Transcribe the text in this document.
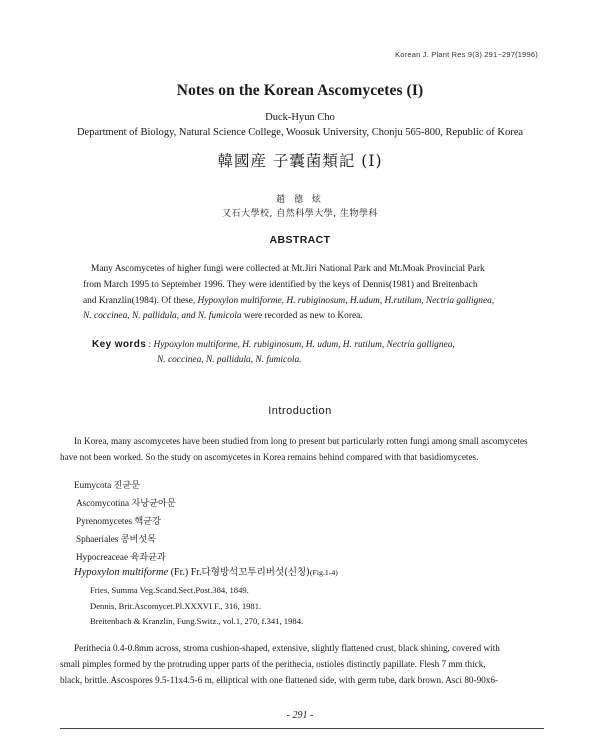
Korean J. Plant Res 9(3) 291~297(1996)
Notes on the Korean Ascomycetes (I)
Duck-Hyun Cho
Department of Biology, Natural Science College, Woosuk University, Chonju 565-800, Republic of Korea
韓國産 子囊菌類記 (I)
趙 德 炫
又石大學校, 自然科學大學, 生物學科
ABSTRACT
Many Ascomycetes of higher fungi were collected at Mt.Jiri National Park and Mt.Moak Provincial Park
from March 1995 to September 1996. They were identified by the keys of Dennis(1981) and Breitenbach
and Kranzlin(1984). Of these, Hypoxylon multiforme, H. rubiginosum, H.udum, H.rutilum, Nectria gallignea,
N. coccinea, N. pallidula, and N. fumicola were recorded as new to Korea.
Key words : Hypoxylon multiforme, H. rubiginosum, H. udum, H. rutilum, Nectria gallignea,
N. coccinea, N. pallidula, N. fumicola.
Introduction
In Korea, many ascomycetes have been studied from long to present but particularly rotten fungi among small ascomycetes
have not been worked. So the study on ascomycetes in Korea remains behind compared with that basidiomycetes.
Eumycota 진균문
Ascomycotina 자낭균아문
Pyrenomycetes 핵균강
Sphaeriales 콩버섯목
Hypocreaceae 육좌균과
Hypoxylon multiforme (Fr.) Fr.다형방석꼬투리버섯(신칭)(Fig.1-4)
Fries, Summa Veg.Scand.Sect.Post.384, 1849.
Dennis, Brit.Ascomycet.Pl.XXXVI F., 316, 1981.
Breitenbach & Kranzlin, Fung.Switz., vol.1, 270, f.341, 1984.
Perithecia 0.4-0.8mm across, stroma cushion-shaped, extensive, slightly flattened crust, black shining, covered with
small pimples formed by the protruding upper parts of the perithecia, ostioles distinctly papillate. Flesh 7 mm thick,
black, brittle. Ascospores 9.5-11x4.5-6 m, elliptical with one flattened side, with germ tube, dark brown. Asci 80-90x6-
- 291 -
